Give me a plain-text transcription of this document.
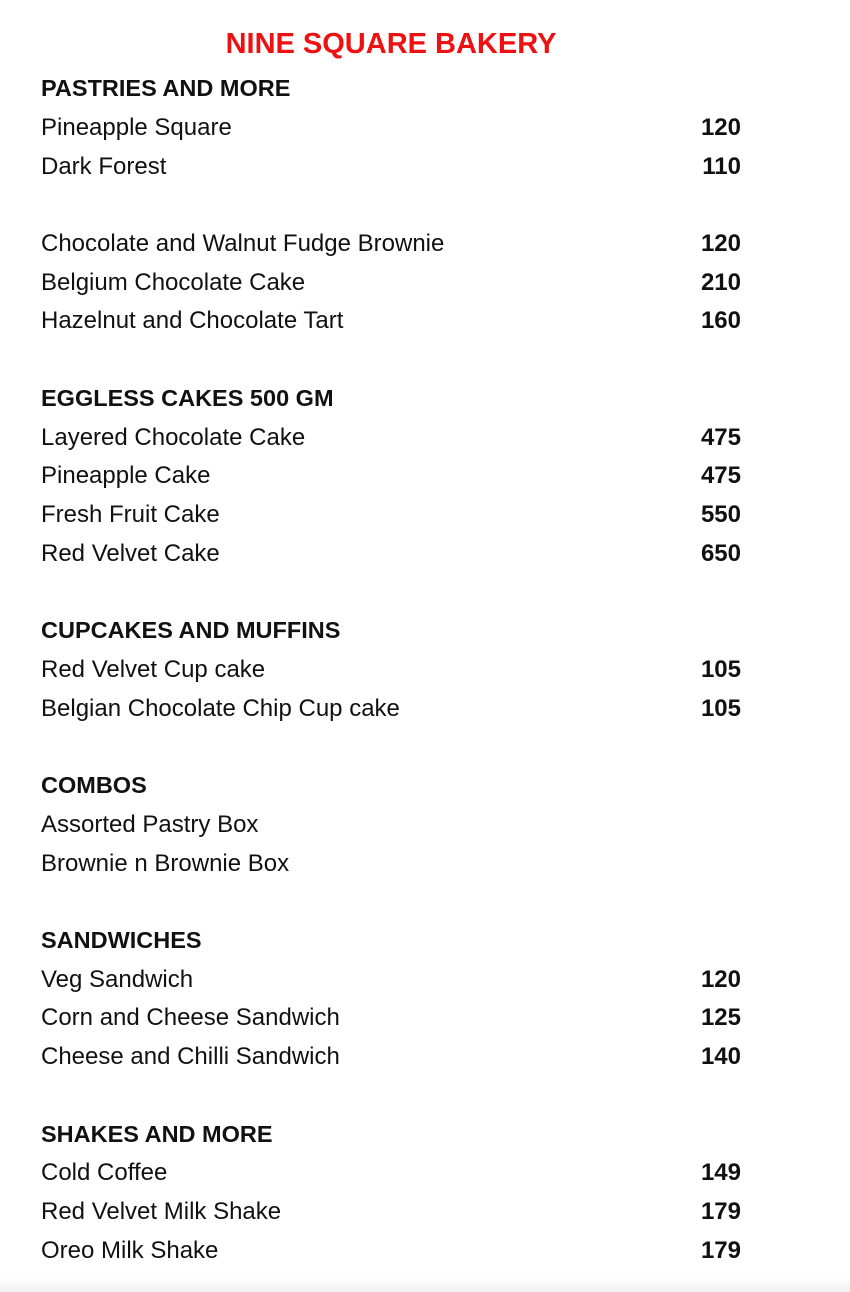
NINE SQUARE BAKERY
PASTRIES AND MORE
Pineapple Square	120
Dark Forest	110
Chocolate and Walnut Fudge Brownie	120
Belgium Chocolate Cake	210
Hazelnut and Chocolate Tart	160
EGGLESS CAKES 500 GM
Layered Chocolate Cake	475
Pineapple Cake	475
Fresh Fruit Cake	550
Red Velvet Cake	650
CUPCAKES AND MUFFINS
Red Velvet Cup cake	105
Belgian Chocolate Chip Cup cake	105
COMBOS
Assorted Pastry Box
Brownie n Brownie Box
SANDWICHES
Veg Sandwich	120
Corn and Cheese Sandwich	125
Cheese and Chilli Sandwich	140
SHAKES AND MORE
Cold Coffee	149
Red Velvet Milk Shake	179
Oreo Milk Shake	179
